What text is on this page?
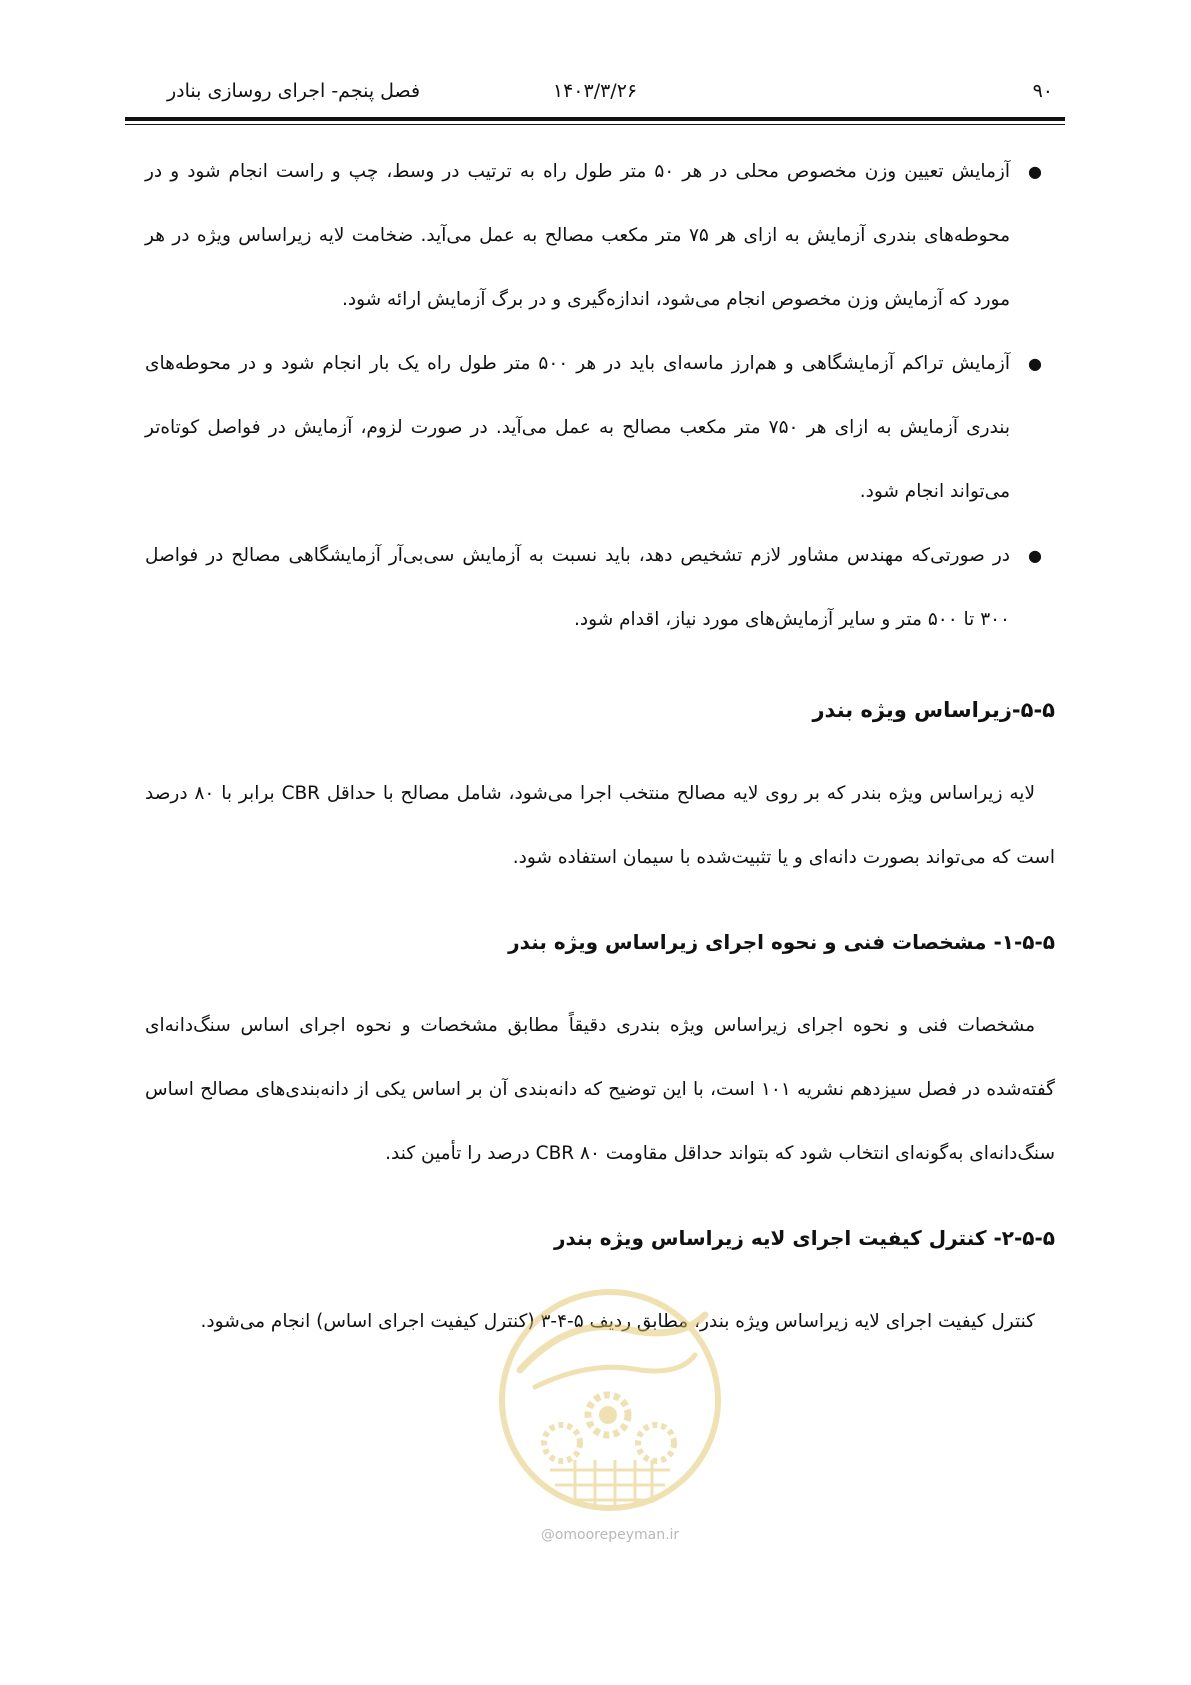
۹۰
۱۴۰۳/۳/۲۶
فصل پنجم- اجرای روسازی بنادر
●
آزمایش تعیین وزن مخصوص محلی در هر ۵۰ متر طول راه به ترتیب در وسط، چپ و راست انجام شود و در محوطه‌های بندری آزمایش به ازای هر ۷۵ متر مکعب مصالح به عمل می‌آید. ضخامت لایه زیراساس ویژه در هر مورد که آزمایش وزن مخصوص انجام می‌شود، اندازه‌گیری و در برگ آزمایش ارائه شود.
●
آزمایش تراکم آزمایشگاهی و هم‌ارز ماسه‌ای باید در هر ۵۰۰ متر طول راه یک بار انجام شود و در محوطه‌های بندری آزمایش به ازای هر ۷۵۰ متر مکعب مصالح به عمل می‌آید. در صورت لزوم، آزمایش در فواصل کوتاه‌تر می‌تواند انجام شود.
●
در صورتی‌که مهندس مشاور لازم تشخیص دهد، باید نسبت به آزمایش سی‌بی‌آر آزمایشگاهی مصالح در فواصل ۳۰۰ تا ۵۰۰ متر و سایر آزمایش‌های مورد نیاز، اقدام شود.
۵-۵-زیراساس ویژه بندر

لایه زیراساس ویژه بندر که بر روی لایه مصالح منتخب اجرا می‌شود، شامل مصالح با حداقل CBR برابر با ۸۰ درصد است که می‌تواند بصورت دانه‌ای و یا تثبیت‌شده با سیمان استفاده شود.

۱-۵-۵- مشخصات فنی و نحوه اجرای زیراساس ویژه بندر

مشخصات فنی و نحوه اجرای زیراساس ویژه بندری دقیقاً مطابق مشخصات و نحوه اجرای اساس سنگ‌دانه‌ای گفته‌شده در فصل سیزدهم نشریه ۱۰۱ است، با این توضیح که دانه‌بندی آن بر اساس یکی از دانه‌بندی‌های مصالح اساس سنگ‌دانه‌ای به‌گونه‌ای انتخاب شود که بتواند حداقل مقاومت CBR ۸۰ درصد را تأمین کند.

۲-۵-۵- کنترل کیفیت اجرای لایه زیراساس ویژه بندر

کنترل کیفیت اجرای لایه زیراساس ویژه بندر، مطابق ردیف ۵-۴-۳ (کنترل کیفیت اجرای اساس) انجام می‌شود.

@omoorepeyman.ir
